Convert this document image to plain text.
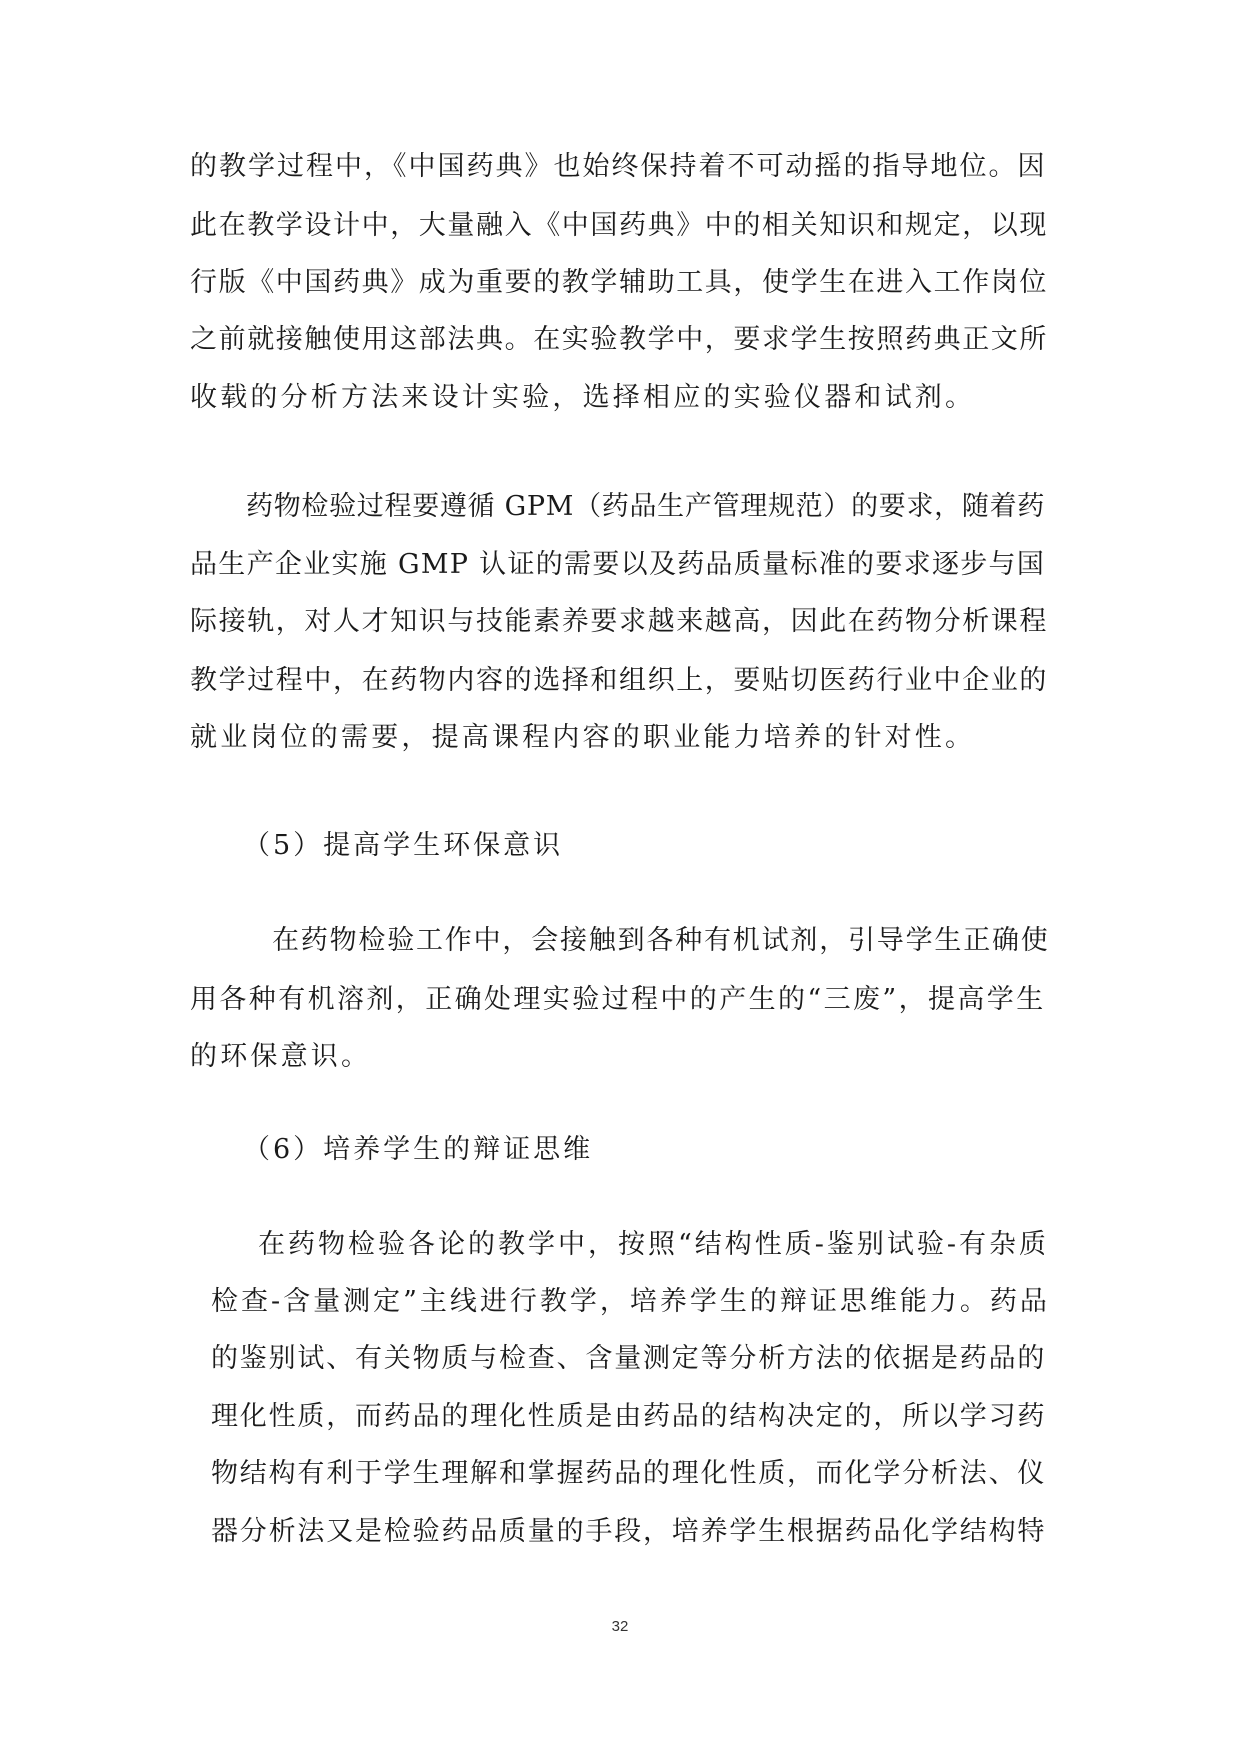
的教学过程中，《中国药典》也始终保持着不可动摇的指导地位。因
此在教学设计中，大量融入《中国药典》中的相关知识和规定，以现
行版《中国药典》成为重要的教学辅助工具，使学生在进入工作岗位
之前就接触使用这部法典。在实验教学中，要求学生按照药典正文所
收载的分析方法来设计实验，选择相应的实验仪器和试剂。
药物检验过程要遵循 GPM（药品生产管理规范）的要求，随着药
品生产企业实施 GMP 认证的需要以及药品质量标准的要求逐步与国
际接轨，对人才知识与技能素养要求越来越高，因此在药物分析课程
教学过程中，在药物内容的选择和组织上，要贴切医药行业中企业的
就业岗位的需要，提高课程内容的职业能力培养的针对性。
（5）提高学生环保意识
在药物检验工作中，会接触到各种有机试剂，引导学生正确使
用各种有机溶剂，正确处理实验过程中的产生的“三废”，提高学生
的环保意识。
（6）培养学生的辩证思维
在药物检验各论的教学中，按照“结构性质-鉴别试验-有杂质
检查-含量测定”主线进行教学，培养学生的辩证思维能力。药品
的鉴别试、有关物质与检查、含量测定等分析方法的依据是药品的
理化性质，而药品的理化性质是由药品的结构决定的，所以学习药
物结构有利于学生理解和掌握药品的理化性质，而化学分析法、仪
器分析法又是检验药品质量的手段，培养学生根据药品化学结构特
32
